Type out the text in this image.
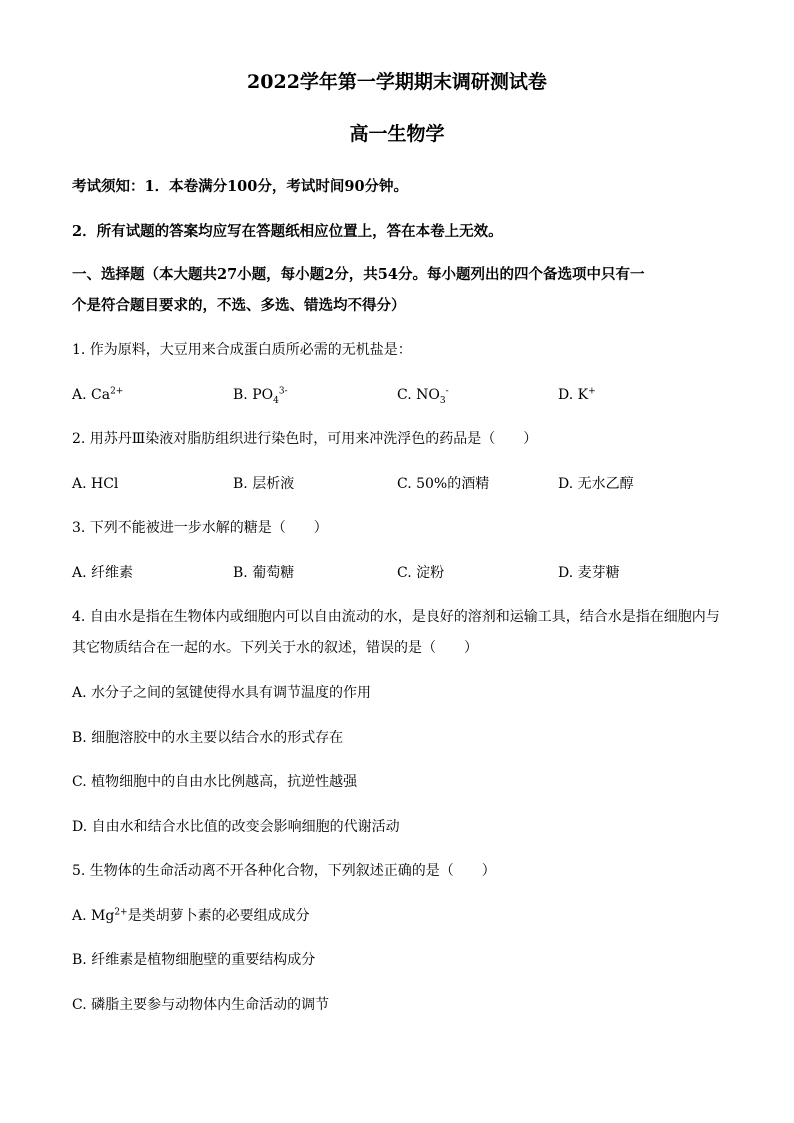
2022学年第一学期期末调研测试卷
高一生物学
考试须知：1．本卷满分100分，考试时间90分钟。
2．所有试题的答案均应写在答题纸相应位置上，答在本卷上无效。
一、选择题（本大题共27小题，每小题2分，共54分。每小题列出的四个备选项中只有一
个是符合题目要求的，不选、多选、错选均不得分）
1. 作为原料，大豆用来合成蛋白质所必需的无机盐是：
A. $Ca^{2+}$	B. $PO_4^{3-}$	C. $NO_3^-$	D. K+
2. 用苏丹Ⅲ染液对脂肪组织进行染色时，可用来冲洗浮色的药品是（　　）
A. HCl	B. 层析液	C. 50%的酒精	D. 无水乙醇
3. 下列不能被进一步水解的糖是（　　）
A. 纤维素	B. 葡萄糖	C. 淀粉	D. 麦芽糖
4. 自由水是指在生物体内或细胞内可以自由流动的水，是良好的溶剂和运输工具，结合水是指在细胞内与
其它物质结合在一起的水。下列关于水的叙述，错误的是（　　）
A. 水分子之间的氢键使得水具有调节温度的作用
B. 细胞溶胶中的水主要以结合水的形式存在
C. 植物细胞中的自由水比例越高，抗逆性越强
D. 自由水和结合水比值的改变会影响细胞的代谢活动
5. 生物体的生命活动离不开各种化合物，下列叙述正确的是（　　）
A. $Mg^{2+}$是类胡萝卜素的必要组成成分
B. 纤维素是植物细胞壁的重要结构成分
C. 磷脂主要参与动物体内生命活动的调节
